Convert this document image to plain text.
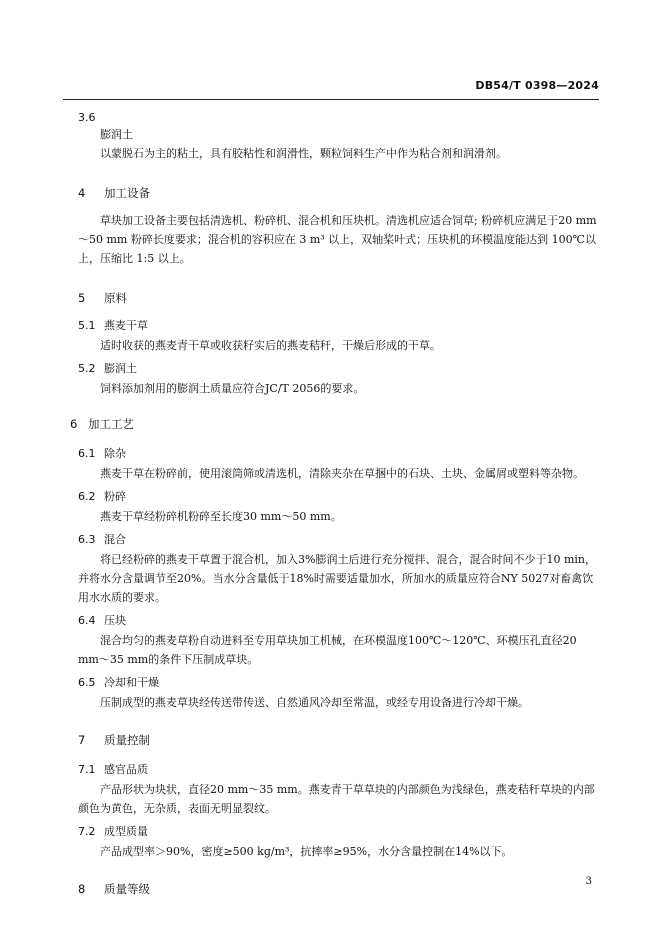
DB54/T 0398—2024
3.6
膨润土

以蒙脱石为主的粘土，具有胶粘性和润滑性，颗粒饲料生产中作为粘合剂和润滑剂。

4 加工设备

草块加工设备主要包括清选机、粉碎机、混合机和压块机。清选机应适合饲草; 粉碎机应满足于20 mm～50 mm 粉碎长度要求；混合机的容积应在 3 m³ 以上，双轴桨叶式；压块机的环模温度能达到 100℃以上，压缩比 1:5 以上。

5 原料
5.1 燕麦干草

适时收获的燕麦青干草或收获籽实后的燕麦秸秆，干燥后形成的干草。

5.2 膨润土

饲料添加剂用的膨润土质量应符合JC/T 2056的要求。

6 加工工艺
6.1 除杂

燕麦干草在粉碎前，使用滚筒筛或清选机，清除夹杂在草捆中的石块、土块、金属屑或塑料等杂物。

6.2 粉碎

燕麦干草经粉碎机粉碎至长度30 mm～50 mm。

6.3 混合

将已经粉碎的燕麦干草置于混合机，加入3%膨润土后进行充分搅拌、混合，混合时间不少于10 min，并将水分含量调节至20%。当水分含量低于18%时需要适量加水，所加水的质量应符合NY 5027对畜禽饮用水水质的要求。

6.4 压块

混合均匀的燕麦草粉自动进料至专用草块加工机械，在环模温度100℃～120℃、环模压孔直径20 mm～35 mm的条件下压制成草块。

6.5 冷却和干燥

压制成型的燕麦草块经传送带传送、自然通风冷却至常温，或经专用设备进行冷却干燥。

7 质量控制
7.1 感官品质

产品形状为块状，直径20 mm～35 mm。燕麦青干草草块的内部颜色为浅绿色，燕麦秸秆草块的内部颜色为黄色，无杂质，表面无明显裂纹。

7.2 成型质量

产品成型率＞90%，密度≥500 kg/m³，抗摔率≥95%，水分含量控制在14%以下。

8 质量等级
3
